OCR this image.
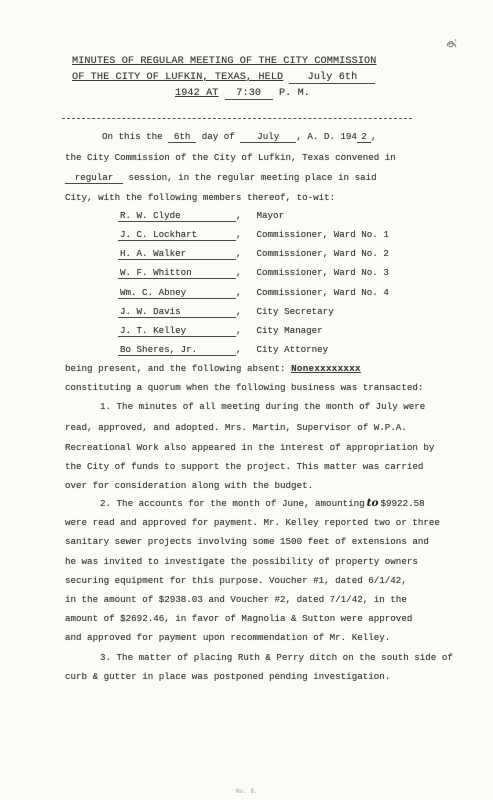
MINUTES OF REGULAR MEETING OF THE CITY COMMISSION
OF THE CITY OF LUFKIN, TEXAS, HELD July 6th
1942 AT 7:30 P. M.
On this the 6th day of July , A. D. 194 2 ,
the City Commission of the City of Lufkin, Texas convened in
regular session, in the regular meeting place in said
City, with the following members thereof, to-wit:
R. W. Clyde	, Mayor
J. C. Lockhart	, Commissioner, Ward No. 1
H. A. Walker	, Commissioner, Ward No. 2
W. F. Whitton	, Commissioner, Ward No. 3
Wm. C. Abney	, Commissioner, Ward No. 4
J. W. Davis	, City Secretary
J. T. Kelley	, City Manager
Bo Sheres, Jr.	, City Attorney
being present, and the following absent: Nonexxxxxxxx
constituting a quorum when the following business was transacted:
1. The minutes of all meeting during the month of July were
read, approved, and adopted. Mrs. Martin, Supervisor of W.P.A.
Recreational Work also appeared in the interest of appropriation by
the City of funds to support the project. This matter was carried
over for consideration along with the budget.
2. The accounts for the month of June, amounting to $9922.58
were read and approved for payment. Mr. Kelley reported two or three
sanitary sewer projects involving some 1500 feet of extensions and
he was invited to investigate the possibility of property owners
securing equipment for this purpose. Voucher #1, dated 6/1/42,
in the amount of $2938.03 and Voucher #2, dated 7/1/42, in the
amount of $2692.46, in favor of Magnolia & Sutton were approved
and approved for payment upon recommendation of Mr. Kelley.
3. The matter of placing Ruth & Perry ditch on the south side of
curb & gutter in place was postponed pending investigation.
No. 8.
